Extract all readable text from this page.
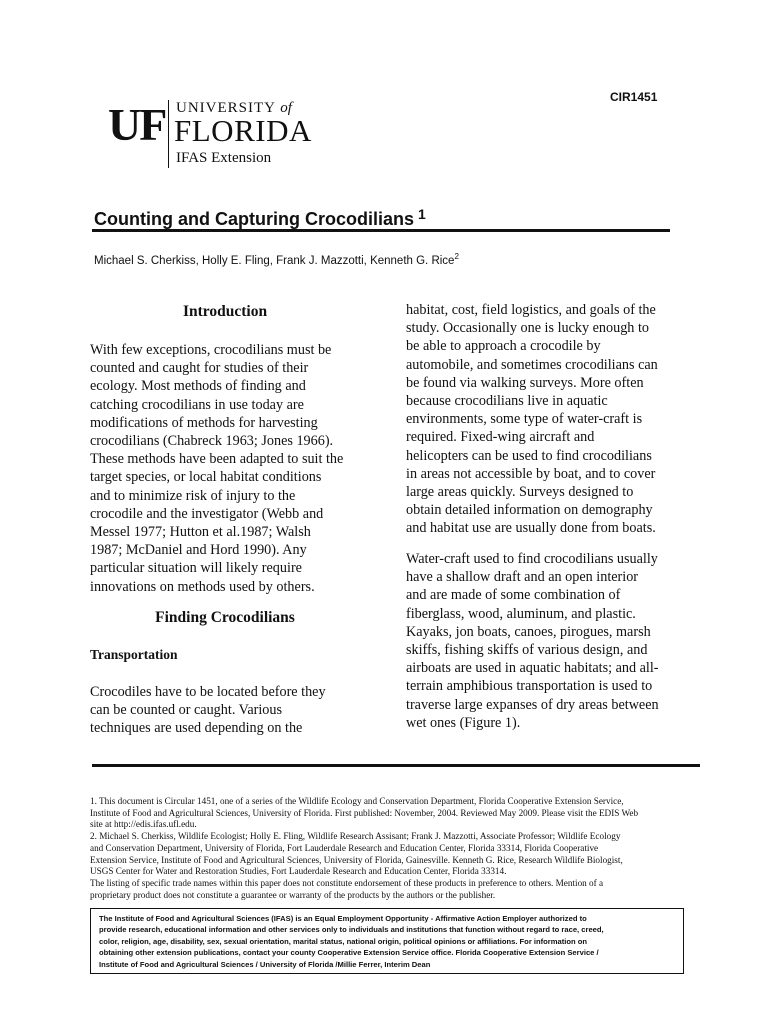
CIR1451
UF UNIVERSITY of
FLORIDA
IFAS Extension
Counting and Capturing Crocodilians $^1$
Michael S. Cherkiss, Holly E. Fling, Frank J. Mazzotti, Kenneth G. Rice$^2$
Introduction

With few exceptions, crocodilians must be

counted and caught for studies of their

ecology. Most methods of finding and

catching crocodilians in use today are

modifications of methods for harvesting

crocodilians (Chabreck 1963; Jones 1966).

These methods have been adapted to suit the

target species, or local habitat conditions

and to minimize risk of injury to the

crocodile and the investigator (Webb and

Messel 1977; Hutton et al.1987; Walsh

1987; McDaniel and Hord 1990). Any

particular situation will likely require

innovations on methods used by others.

Finding Crocodilians
Transportation

Crocodiles have to be located before they

can be counted or caught. Various

techniques are used depending on the

habitat, cost, field logistics, and goals of the

study. Occasionally one is lucky enough to

be able to approach a crocodile by

automobile, and sometimes crocodilians can

be found via walking surveys. More often

because crocodilians live in aquatic

environments, some type of water-craft is

required. Fixed-wing aircraft and

helicopters can be used to find crocodilians

in areas not accessible by boat, and to cover

large areas quickly. Surveys designed to

obtain detailed information on demography

and habitat use are usually done from boats.

Water-craft used to find crocodilians usually

have a shallow draft and an open interior

and are made of some combination of

fiberglass, wood, aluminum, and plastic.

Kayaks, jon boats, canoes, pirogues, marsh

skiffs, fishing skiffs of various design, and

airboats are used in aquatic habitats; and all-

terrain amphibious transportation is used to

traverse large expanses of dry areas between

wet ones (Figure 1).

1. This document is Circular 1451, one of a series of the Wildlife Ecology and Conservation Department, Florida Cooperative Extension Service,

Institute of Food and Agricultural Sciences, University of Florida. First published: November, 2004. Reviewed May 2009. Please visit the EDIS Web

site at http://edis.ifas.ufl.edu.

2. Michael S. Cherkiss, Wildlife Ecologist; Holly E. Fling, Wildlife Research Assisant; Frank J. Mazzotti, Associate Professor; Wildlife Ecology

and Conservation Department, University of Florida, Fort Lauderdale Research and Education Center, Florida 33314, Florida Cooperative

Extension Service, Institute of Food and Agricultural Sciences, University of Florida, Gainesville. Kenneth G. Rice, Research Wildlife Biologist,

USGS Center for Water and Restoration Studies, Fort Lauderdale Research and Education Center, Florida 33314.

The listing of specific trade names within this paper does not constitute endorsement of these products in preference to others. Mention of a

proprietary product does not constitute a guarantee or warranty of the products by the authors or the publisher.

The Institute of Food and Agricultural Sciences (IFAS) is an Equal Employment Opportunity - Affirmative Action Employer authorized to
provide research, educational information and other services only to individuals and institutions that function without regard to race, creed,
color, religion, age, disability, sex, sexual orientation, marital status, national origin, political opinions or affiliations. For information on
obtaining other extension publications, contact your county Cooperative Extension Service office. Florida Cooperative Extension Service /
Institute of Food and Agricultural Sciences / University of Florida /Millie Ferrer, Interim Dean
